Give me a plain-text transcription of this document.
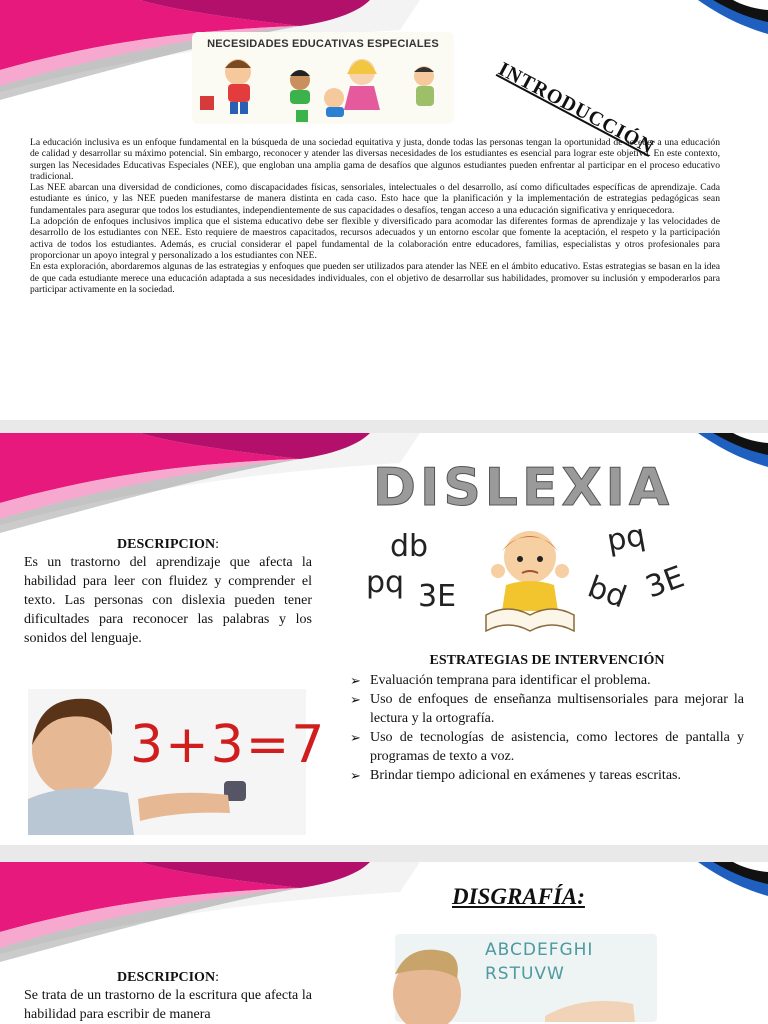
NECESIDADES EDUCATIVAS ESPECIALES
INTRODUCCIÓN

La educación inclusiva es un enfoque fundamental en la búsqueda de una sociedad equitativa y justa, donde todas las personas tengan la oportunidad de acceder a una educación de calidad y desarrollar su máximo potencial. Sin embargo, reconocer y atender las diversas necesidades de los estudiantes es esencial para lograr este objetivo. En este contexto, surgen las Necesidades Educativas Especiales (NEE), que engloban una amplia gama de desafíos que algunos estudiantes pueden enfrentar al participar en el proceso educativo tradicional.

Las NEE abarcan una diversidad de condiciones, como discapacidades físicas, sensoriales, intelectuales o del desarrollo, así como dificultades específicas de aprendizaje. Cada estudiante es único, y las NEE pueden manifestarse de manera distinta en cada caso. Esto hace que la planificación y la implementación de estrategias pedagógicas sean fundamentales para asegurar que todos los estudiantes, independientemente de sus capacidades o desafíos, tengan acceso a una educación significativa y enriquecedora.

La adopción de enfoques inclusivos implica que el sistema educativo debe ser flexible y diversificado para acomodar las diferentes formas de aprendizaje y las velocidades de desarrollo de los estudiantes con NEE. Esto requiere de maestros capacitados, recursos adecuados y un entorno escolar que fomente la aceptación, el respeto y la participación activa de todos los estudiantes. Además, es crucial considerar el papel fundamental de la colaboración entre educadores, familias, especialistas y otros profesionales para proporcionar un apoyo integral y personalizado a los estudiantes con NEE.

En esta exploración, abordaremos algunas de las estrategias y enfoques que pueden ser utilizados para atender las NEE en el ámbito educativo. Estas estrategias se basan en la idea de que cada estudiante merece una educación adaptada a sus necesidades individuales, con el objetivo de desarrollar sus habilidades, promover su inclusión y empoderarlos para participar activamente en la sociedad.

DISLEXIA
db
pq 3E
pq
3E
bd
DESCRIPCION:
Es un trastorno del aprendizaje que afecta la habilidad para leer con fluidez y comprender el texto. Las personas con dislexia pueden tener dificultades para reconocer las palabras y los sonidos del lenguaje.
3+3=7
ESTRATEGIAS DE INTERVENCIÓN
➢ Evaluación temprana para identificar el problema.
➢ Uso de enfoques de enseñanza multisensoriales para mejorar la lectura y la ortografía.
➢ Uso de tecnologías de asistencia, como lectores de pantalla y programas de texto a voz.
➢ Brindar tiempo adicional en exámenes y tareas escritas.
DISGRAFÍA:
ABCDEFGHI
RSTUVW
DESCRIPCION:
Se trata de un trastorno de la escritura que afecta la habilidad para escribir de manera
